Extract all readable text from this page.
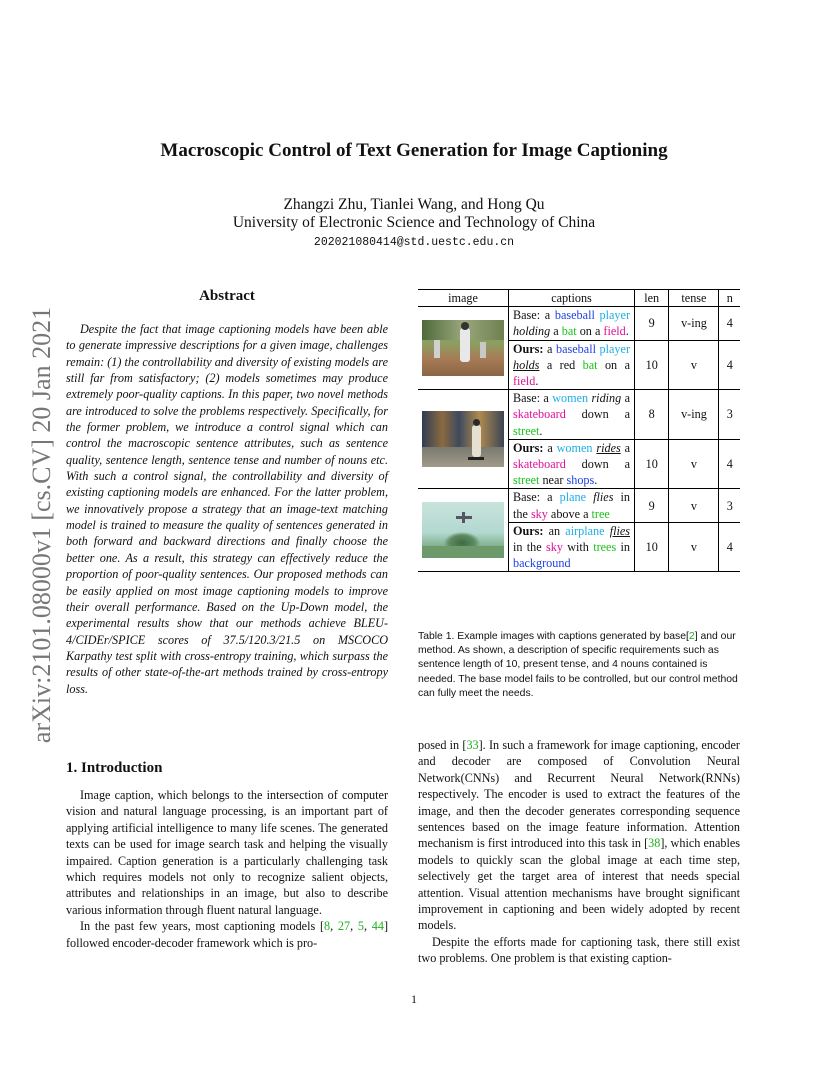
arXiv:2101.08000v1 [cs.CV] 20 Jan 2021
Macroscopic Control of Text Generation for Image Captioning
Zhangzi Zhu, Tianlei Wang, and Hong Qu
University of Electronic Science and Technology of China
202021080414@std.uestc.edu.cn
Abstract
Despite the fact that image captioning models have been able to generate impressive descriptions for a given image, challenges remain: (1) the controllability and diversity of existing models are still far from satisfactory; (2) models sometimes may produce extremely poor-quality captions. In this paper, two novel methods are introduced to solve the problems respectively. Specifically, for the former problem, we introduce a control signal which can control the macroscopic sentence attributes, such as sentence quality, sentence length, sentence tense and number of nouns etc. With such a control signal, the controllability and diversity of existing captioning models are enhanced. For the latter problem, we innovatively propose a strategy that an image-text matching model is trained to measure the quality of sentences generated in both forward and backward directions and finally choose the better one. As a result, this strategy can effectively reduce the proportion of poor-quality sentences. Our proposed methods can be easily applied on most image captioning models to improve their overall performance. Based on the Up-Down model, the experimental results show that our methods achieve BLEU-4/CIDEr/SPICE scores of 37.5/120.3/21.5 on MSCOCO Karpathy test split with cross-entropy training, which surpass the results of other state-of-the-art methods trained by cross-entropy loss.
1. Introduction

Image caption, which belongs to the intersection of computer vision and natural language processing, is an important part of applying artificial intelligence to many life scenes. The generated texts can be used for image search task and helping the visually impaired. Caption generation is a particularly challenging task which requires models not only to recognize salient objects, attributes and relationships in an image, but also to describe various information through fluent natural language.

In the past few years, most captioning models [8, 27, 5, 44] followed encoder-decoder framework which is pro-

image	captions	len	tense	n

	Base: a baseball player holding a bat on a field.	9	v-ing	4
	Ours: a baseball player holds a red bat on a field.	10	v	4

	Base: a women riding a skateboard down a street.	8	v-ing	3
	Ours: a women rides a skateboard down a street near shops.	10	v	4

	Base: a plane flies in the sky above a tree	9	v	3
	Ours: an airplane flies in the sky with trees in background	10	v	4
Table 1. Example images with captions generated by base[2] and our method. As shown, a description of specific requirements such as sentence length of 10, present tense, and 4 nouns contained is needed. The base model fails to be controlled, but our control method can fully meet the needs.

posed in [33]. In such a framework for image captioning, encoder and decoder are composed of Convolution Neural Network(CNNs) and Recurrent Neural Network(RNNs) respectively. The encoder is used to extract the features of the image, and then the decoder generates corresponding sequence sentences based on the image feature information. Attention mechanism is first introduced into this task in [38], which enables models to quickly scan the global image at each time step, selectively get the target area of interest that needs special attention. Visual attention mechanisms have brought significant improvement in captioning and been widely adopted by recent models.

Despite the efforts made for captioning task, there still exist two problems. One problem is that existing caption-

1
